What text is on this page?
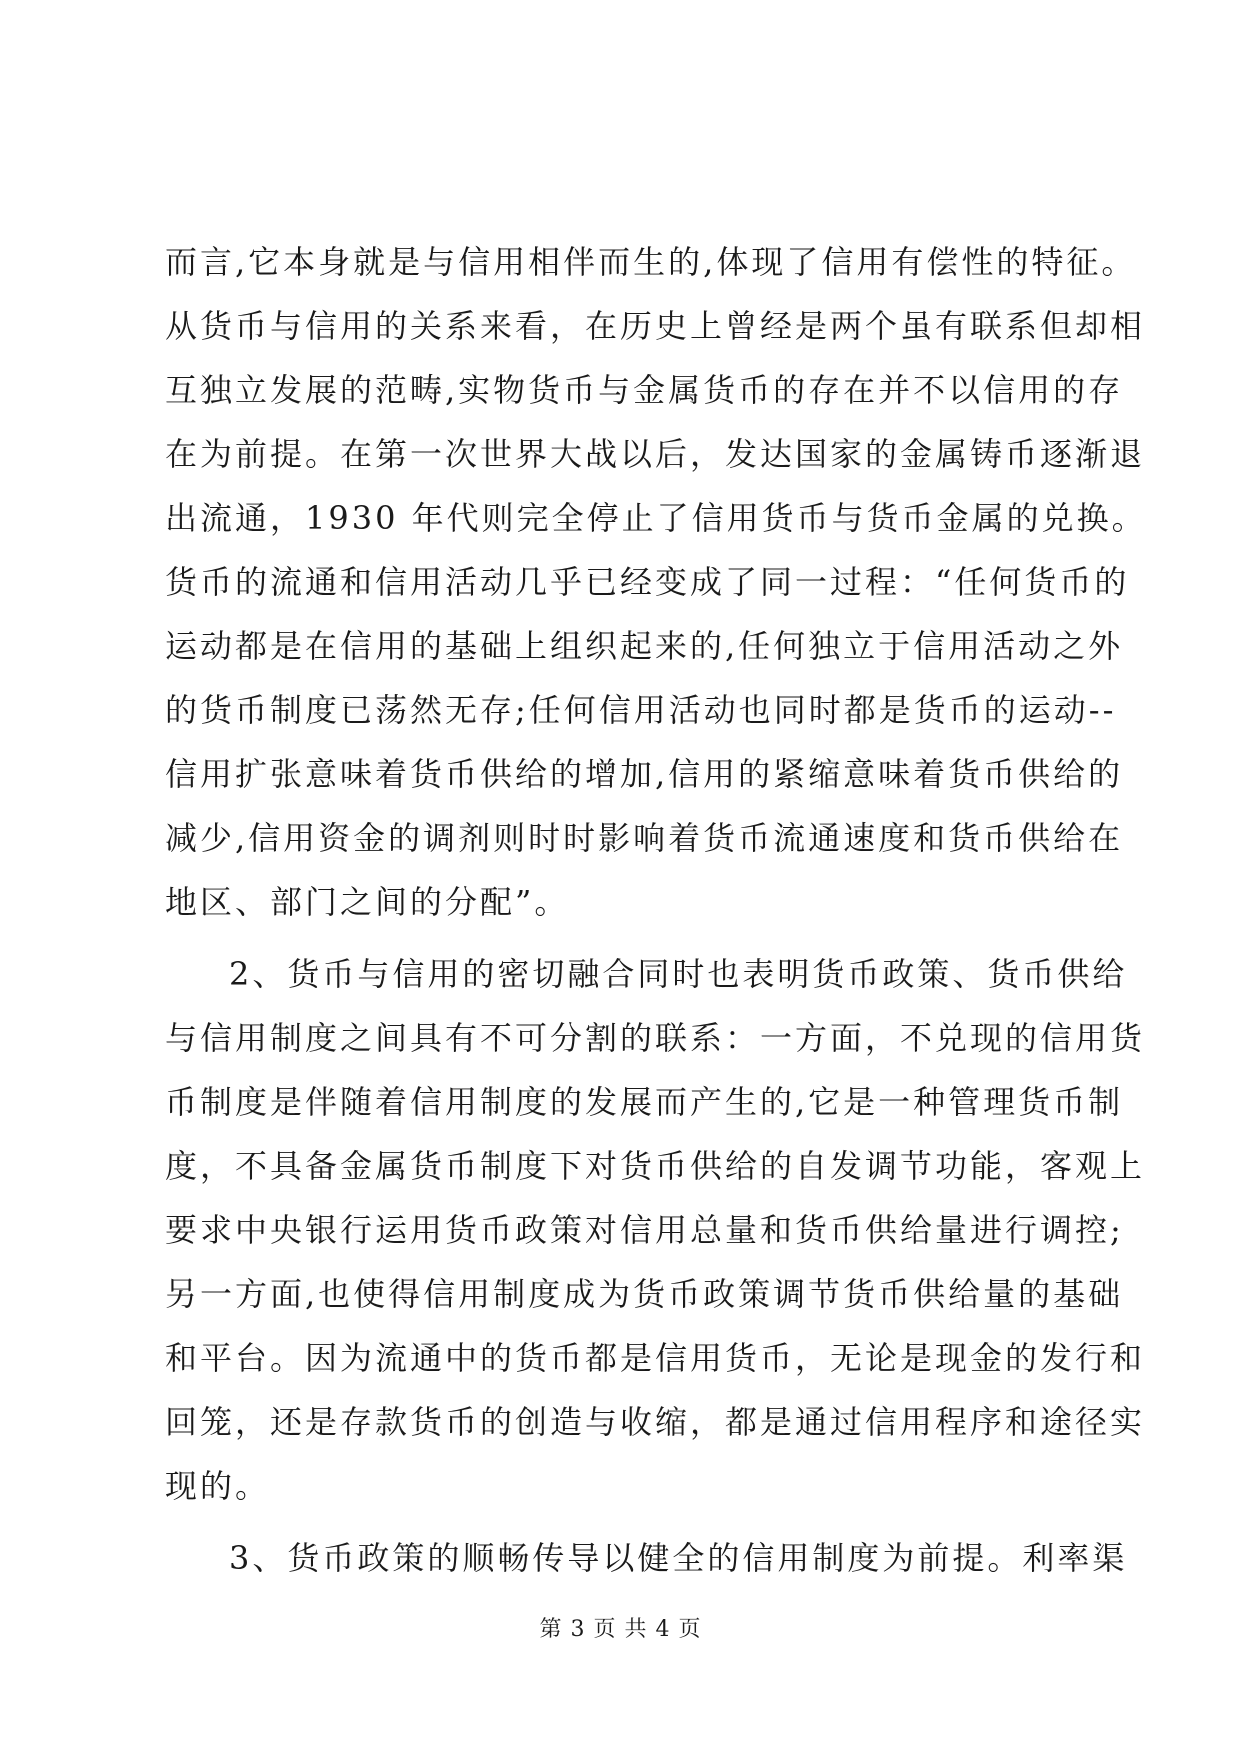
而言,它本身就是与信用相伴而生的,体现了信用有偿性的特征。
从货币与信用的关系来看，在历史上曾经是两个虽有联系但却相
互独立发展的范畴,实物货币与金属货币的存在并不以信用的存
在为前提。在第一次世界大战以后，发达国家的金属铸币逐渐退
出流通，1930 年代则完全停止了信用货币与货币金属的兑换。
货币的流通和信用活动几乎已经变成了同一过程：“任何货币的
运动都是在信用的基础上组织起来的,任何独立于信用活动之外
的货币制度已荡然无存;任何信用活动也同时都是货币的运动--
信用扩张意味着货币供给的增加,信用的紧缩意味着货币供给的
减少,信用资金的调剂则时时影响着货币流通速度和货币供给在
地区、部门之间的分配”。
2、货币与信用的密切融合同时也表明货币政策、货币供给
与信用制度之间具有不可分割的联系：一方面，不兑现的信用货
币制度是伴随着信用制度的发展而产生的,它是一种管理货币制
度，不具备金属货币制度下对货币供给的自发调节功能，客观上
要求中央银行运用货币政策对信用总量和货币供给量进行调控;
另一方面,也使得信用制度成为货币政策调节货币供给量的基础
和平台。因为流通中的货币都是信用货币，无论是现金的发行和
回笼，还是存款货币的创造与收缩，都是通过信用程序和途径实
现的。
3、货币政策的顺畅传导以健全的信用制度为前提。利率渠
第 3 页 共 4 页
